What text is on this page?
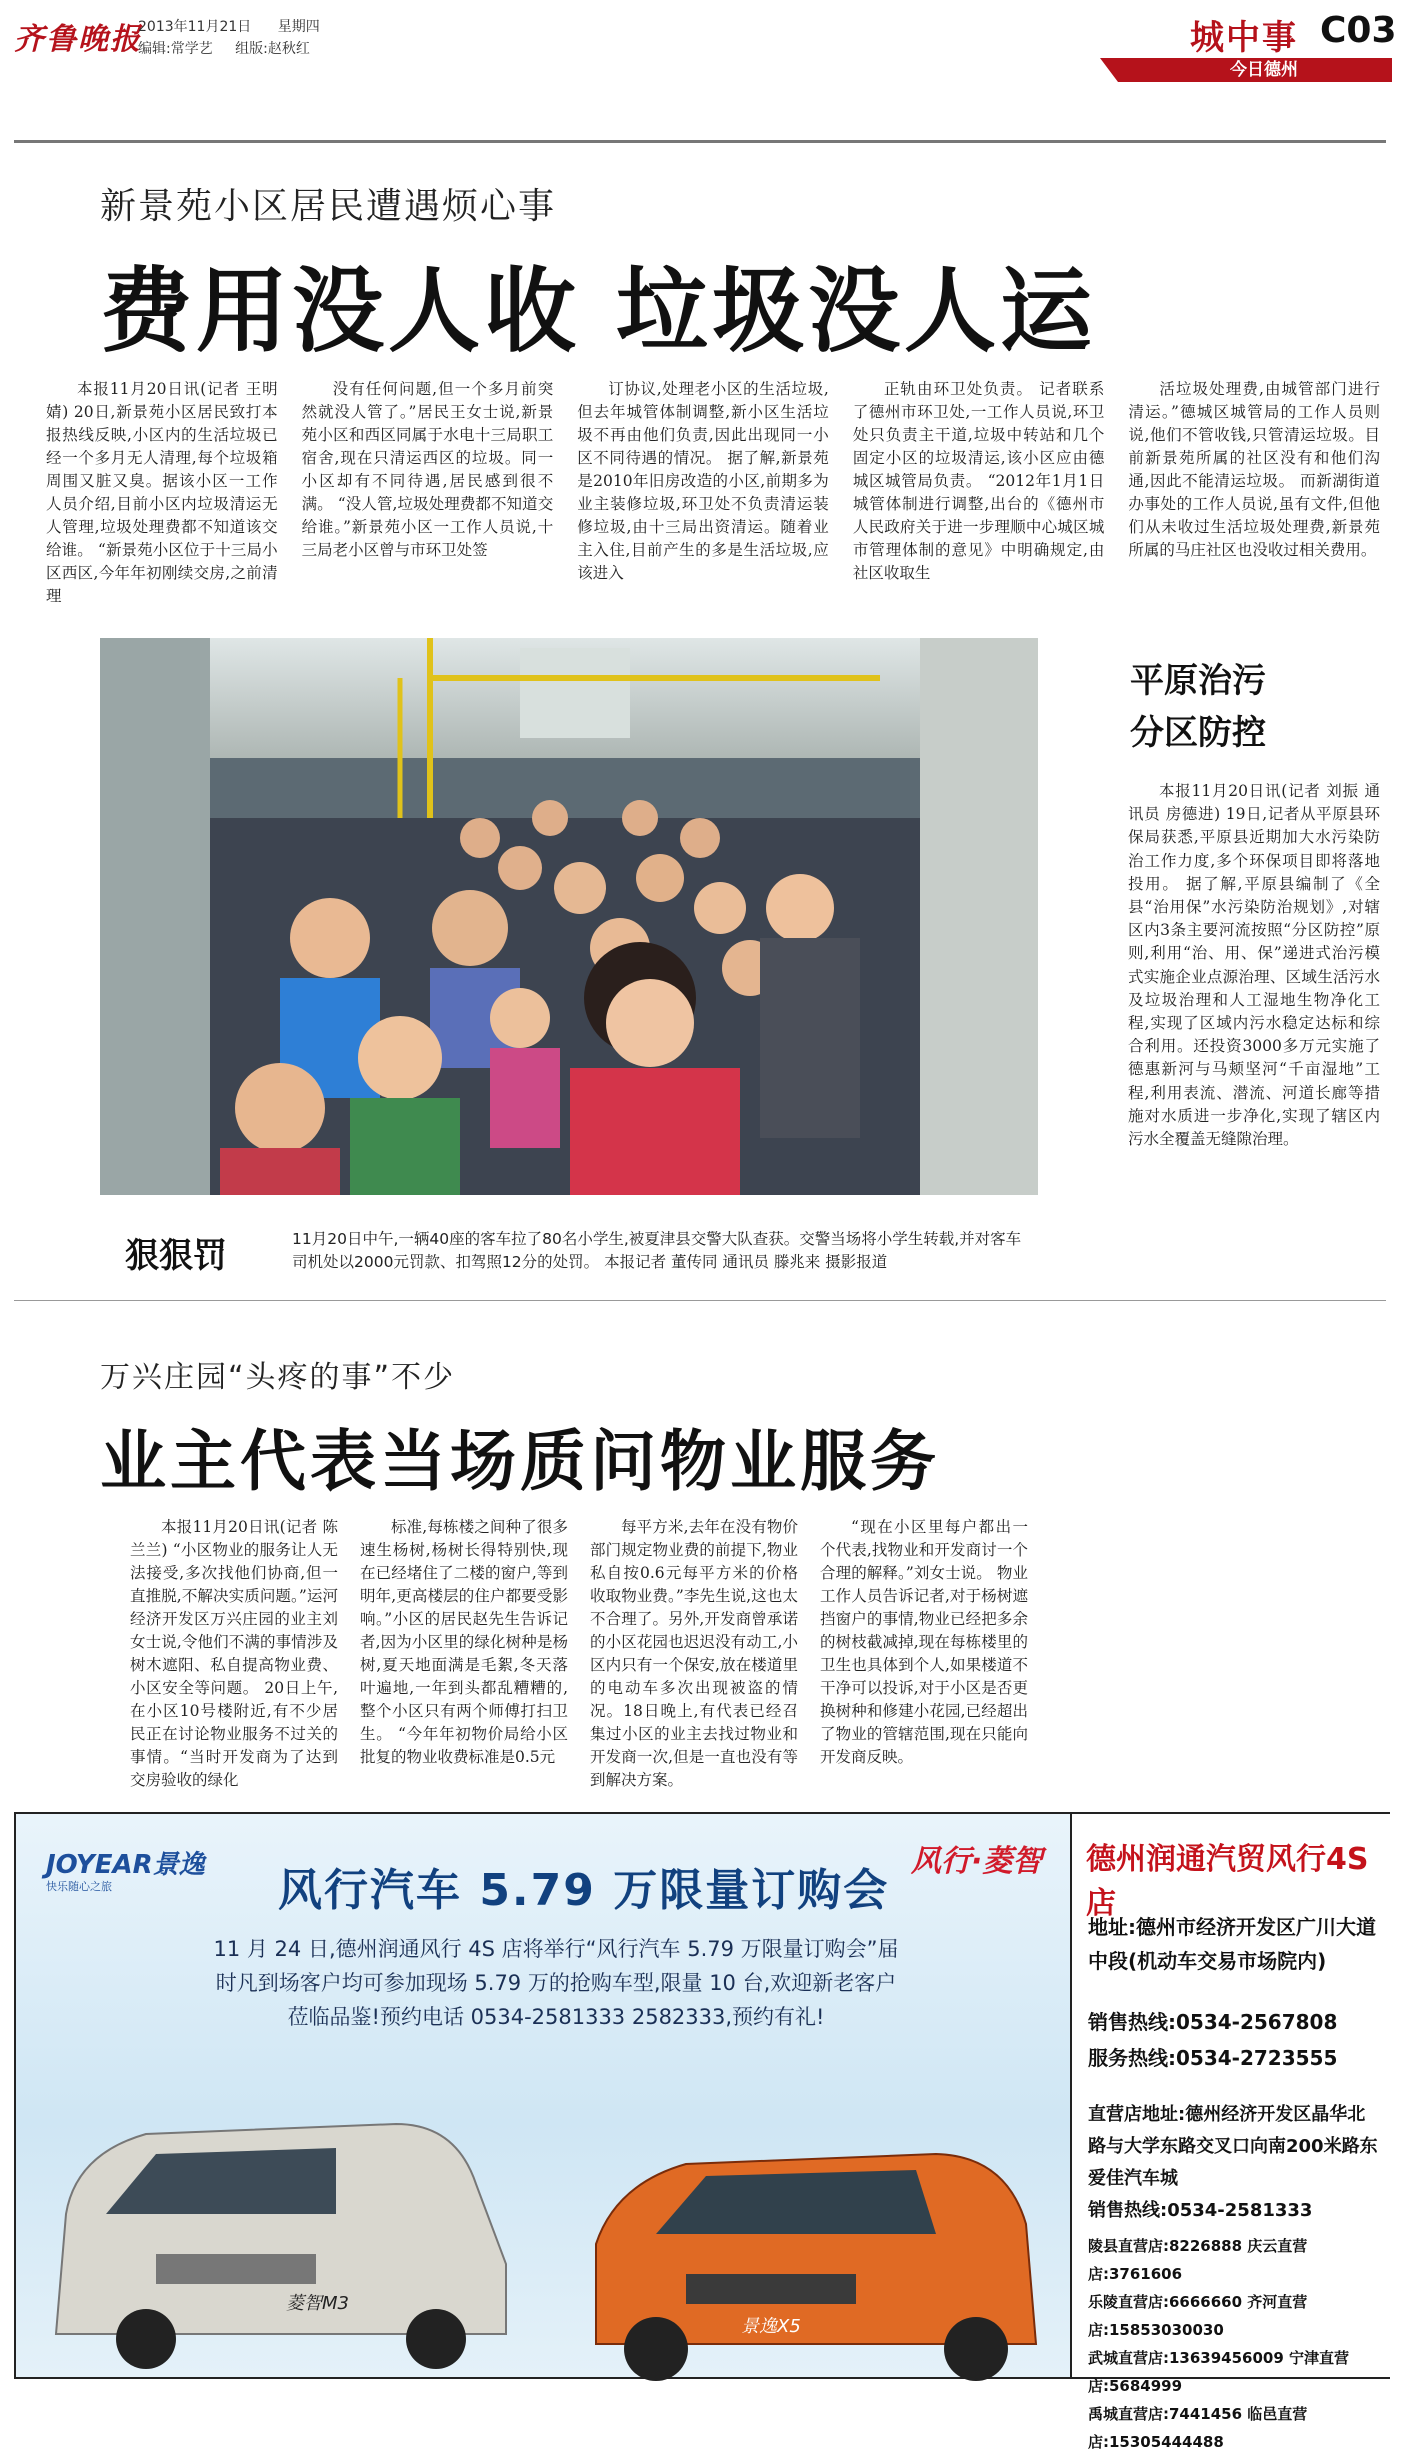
齐鲁晚报
2013年11月21日 星期四
编辑:常学艺 组版:赵秋红	城中事 C03
今日德州
新景苑小区居民遭遇烦心事
费用没人收 垃圾没人运

本报11月20日讯(记者 王明婧) 20日,新景苑小区居民致打本报热线反映,小区内的生活垃圾已经一个多月无人清理,每个垃圾箱周围又脏又臭。据该小区一工作人员介绍,目前小区内垃圾清运无人管理,垃圾处理费都不知道该交给谁。 “新景苑小区位于十三局小区西区,今年年初刚续交房,之前清理

没有任何问题,但一个多月前突然就没人管了。”居民王女士说,新景苑小区和西区同属于水电十三局职工宿舍,现在只清运西区的垃圾。同一小区却有不同待遇,居民感到很不满。 “没人管,垃圾处理费都不知道交给谁。”新景苑小区一工作人员说,十三局老小区曾与市环卫处签

订协议,处理老小区的生活垃圾,但去年城管体制调整,新小区生活垃圾不再由他们负责,因此出现同一小区不同待遇的情况。 据了解,新景苑是2010年旧房改造的小区,前期多为业主装修垃圾,环卫处不负责清运装修垃圾,由十三局出资清运。随着业主入住,目前产生的多是生活垃圾,应该进入

正轨由环卫处负责。 记者联系了德州市环卫处,一工作人员说,环卫处只负责主干道,垃圾中转站和几个固定小区的垃圾清运,该小区应由德城区城管局负责。 “2012年1月1日城管体制进行调整,出台的《德州市人民政府关于进一步理顺中心城区城市管理体制的意见》中明确规定,由社区收取生

活垃圾处理费,由城管部门进行清运。”德城区城管局的工作人员则说,他们不管收钱,只管清运垃圾。目前新景苑所属的社区没有和他们沟通,因此不能清运垃圾。 而新湖街道办事处的工作人员说,虽有文件,但他们从未收过生活垃圾处理费,新景苑所属的马庄社区也没收过相关费用。

平原治污
分区防控

本报11月20日讯(记者 刘振 通讯员 房德进) 19日,记者从平原县环保局获悉,平原县近期加大水污染防治工作力度,多个环保项目即将落地投用。 据了解,平原县编制了《全县“治用保”水污染防治规划》,对辖区内3条主要河流按照“分区防控”原则,利用“治、用、保”递进式治污模式实施企业点源治理、区域生活污水及垃圾治理和人工湿地生物净化工程,实现了区域内污水稳定达标和综合利用。还投资3000多万元实施了德惠新河与马颊坚河“千亩湿地”工程,利用表流、潜流、河道长廊等措施对水质进一步净化,实现了辖区内污水全覆盖无缝隙治理。

狠狠罚	11月20日中午,一辆40座的客车拉了80名小学生,被夏津县交警大队查获。交警当场将小学生转载,并对客车司机处以2000元罚款、扣驾照12分的处罚。 本报记者 董传同 通讯员 滕兆来 摄影报道
万兴庄园“头疼的事”不少
业主代表当场质问物业服务

本报11月20日讯(记者 陈兰兰) “小区物业的服务让人无法接受,多次找他们协商,但一直推脱,不解决实质问题。”运河经济开发区万兴庄园的业主刘女士说,令他们不满的事情涉及树木遮阳、私自提高物业费、小区安全等问题。 20日上午,在小区10号楼附近,有不少居民正在讨论物业服务不过关的事情。“当时开发商为了达到交房验收的绿化

标准,每栋楼之间种了很多速生杨树,杨树长得特别快,现在已经堵住了二楼的窗户,等到明年,更高楼层的住户都要受影响。”小区的居民赵先生告诉记者,因为小区里的绿化树种是杨树,夏天地面满是毛絮,冬天落叶遍地,一年到头都乱糟糟的,整个小区只有两个师傅打扫卫生。 “今年年初物价局给小区批复的物业收费标准是0.5元

每平方米,去年在没有物价部门规定物业费的前提下,物业私自按0.6元每平方米的价格收取物业费。”李先生说,这也太不合理了。另外,开发商曾承诺的小区花园也迟迟没有动工,小区内只有一个保安,放在楼道里的电动车多次出现被盗的情况。18日晚上,有代表已经召集过小区的业主去找过物业和开发商一次,但是一直也没有等到解决方案。

“现在小区里每户都出一个代表,找物业和开发商讨一个合理的解释。”刘女士说。 物业工作人员告诉记者,对于杨树遮挡窗户的事情,物业已经把多余的树枝截减掉,现在每栋楼里的卫生也具体到个人,如果楼道不干净可以投诉,对于小区是否更换树种和修建小花园,已经超出了物业的管辖范围,现在只能向开发商反映。

JOYEAR景逸
快乐随心之旅	风行汽车 5.79 万限量订购会
11 月 24 日,德州润通风行 4S 店将举行“风行汽车 5.79 万限量订购会”届时凡到场客户均可参加现场 5.79 万的抢购车型,限量 10 台,欢迎新老客户莅临品鉴!预约电话 0534-2581333 2582333,预约有礼!
风行·菱智
菱智M3
景逸X5
德州润通汽贸风行4S店
地址:德州市经济开发区广川大道中段(机动车交易市场院内)
销售热线:0534-2567808
服务热线:0534-2723555
直营店地址:德州经济开发区晶华北路与大学东路交叉口向南200米路东爱佳汽车城
销售热线:0534-2581333
陵县直营店:8226888 庆云直营店:3761606
乐陵直营店:6666660 齐河直营店:15853030030
武城直营店:13639456009 宁津直营店:5684999
禹城直营店:7441456 临邑直营店:15305444488
